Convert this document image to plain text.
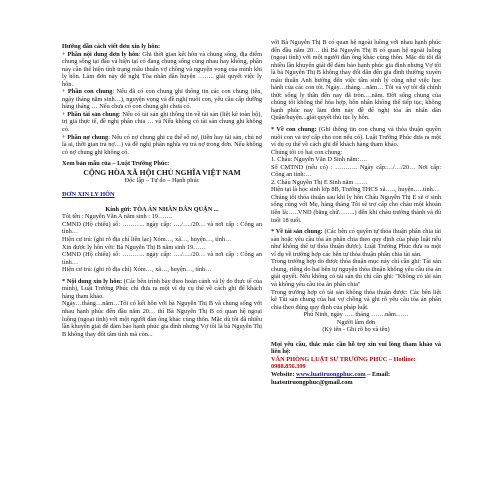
Hướng dẫn cách viết đơn xin ly hôn:

+ Phần nội dung đơn ly hôn: Ghi thời gian kết hôn và chung sống, địa điểm chung sống tại đâu và hiện tại có đang chung sống cùng nhau hay không, phần này cần thể hiện tình trạng mâu thuẫn vợ chồng và nguyện vọng của mình khi ly hôn. Làm đơn này để nghị Tòa nhân dân huyện …….. giải quyết việc ly hôn.

+ Phần con chung: Nếu đã có con chung ghi thông tin các con chung (tên, ngày tháng năm sinh…), nguyện vọng và đề nghị nuôi con, yêu cầu cấp dưỡng hàng tháng … Nếu chưa có con chung ghi chưa có.

+ Phần tài sản chung: Nếu có tài sản ghi thông tin về tài sản (liệt kê toàn bộ), trị giá thực tế, đề nghị phân chia … và Nếu không có tài sản chung ghi không có.

+ Phần nợ chung: Nếu có nợ chung ghi cụ thể số nợ, (tiền hay tài sản, chủ nợ là ai, thời gian trả nợ…) và đề nghị phân nghĩa vụ trả nợ trong đơn. Nếu không có nợ chung ghi không có.

Xem bản mẫu của – Luật Trường Phúc:

CỘNG HÒA XÃ HỘI CHỦ NGHĨA VIỆT NAM

Độc lập – Tự do – Hạnh phúc

ĐƠN XIN LY HÔN

Kính gửi: TÒA ÁN NHÂN DÂN QUẬN ...

Tôi tên : Nguyễn Văn A năm sinh : 19…….

CMND (Hộ chiếu) số: ……….. ngày cấp: …./…./20… và nơi cấp : Công an tỉnh…

Hiện cư trú: (ghi rõ địa chỉ liên lạc) Xóm…, xã…, huyện…, tỉnh…

Xin được ly hôn với: Bà Nguyễn Thị B năm sinh 19……

CMND (Hộ chiếu) số: ……….. ngày cấp: …./…./20… và nơi cấp : Công an tỉnh…

Hiện cư trú: (ghi rõ địa chỉ) Xóm…, xã…, huyện…, tỉnh…

* Nội dung xin ly hôn: (Các bên trình bày theo hoàn cảnh và lý do thực tế của mình), Luật Trường Phúc chỉ đưa ra một ví dụ cụ thể về cách ghi để khách hàng tham khảo.

Ngày…tháng…năm…Tôi có kết hôn với bà Nguyễn Thị B và chung sống với nhau hạnh phúc đến đầu năm 20… thì Bà Nguyễn Thị B có quan hệ ngoại luồng (ngoại tình) với một người đàn ông khác cùng thôn. Mặc dù tôi đã nhiều lần khuyên giải để đảm bảo hạnh phúc gia đình nhưng Vợ tôi là bà Nguyễn Thị B không thay đổi tâm tình mà còn...

với Bà Nguyễn Thị B có quan hệ ngoài luồng với nhau hạnh phúc đến đầu năm 20… thì Bà Nguyễn Thị B có quan hệ ngoài luồng (ngoại tình) với một người đàn ông khác cùng thôn. Mặc dù tôi đã nhiều lần khuyên giải để đảm bảo hạnh phúc gia đình nhưng Vợ tôi là bà Nguyễn Thị B không thay đổi dẫn đến gia đình thường xuyên mâu thuẫn Anh hưởng đến việc tâm sinh lý cũng như việc học hành của các con tôi. Ngày…tháng…năm… Tôi và vợ tôi đã chính thức sống ly thân đến nay đã tròn….năm. Đời sống chung của chúng tôi không thể hòa hợp, hôn nhân không thể tiếp tục, không hạnh phúc nay làm đơn này đề để nghị tòa án nhân dân Quận/huyện...giải quyết thủ tục ly hôn.

* Về con chung: (Ghi thông tin con chung và thỏa thuận quyền nuôi con và trợ cấp cho con nếu có). Luật Trường Phúc đưa ra một ví dụ cụ thể về cách ghi để khách hàng tham khảo.

Chúng tôi có hai con chung:

1. Cháu: Nguyễn Văn D Sinh năm:….

Số CMTND (nếu có) : ……….. Ngày cấp:…/…/20… Nơi cấp: Công an tỉnh:…

2. Cháu Nguyễn Thị E Sinh năm ……

Hiện tại là học sinh lớp 8B, Trường THCS xã….., huyện…..tỉnh…

Chúng tôi thỏa thuận sau khi ly hôn Cháu Nguyễn Thị E sẽ ở sinh sống cùng với Mẹ, hàng tháng Tôi sẽ trợ cấp cho cháu một khoản tiền là:…..VND (bằng chữ……..) đến khi cháu trưởng thành và đủ tuổi 18 tuổi.

* Về tài sản chung: (Các bên có quyền tự thỏa thuận phân chia tài sản hoặc yêu cầu tòa án phân chia theo quy định của pháp luật nếu như không thể tự thỏa thuận được). Luật Trường Phúc đưa ra một ví dụ về trường hợp các bên tự thỏa thuận phân chia tài sản.

Trong trường hợp do được thỏa thuận mục này chỉ cần ghi: Tài sản chung, riêng do hai bên tự nguyện thỏa thuận không yêu cầu tòa án giải quyết. Nếu không có tài sản thì chỉ cần ghi: "Không có tài sản và không yêu cầu tòa án phân chia"

Trong trường hợp có tài sản không thỏa thuận được: Các bên liệt kê Tài sản chung của hai vợ chồng và ghi rõ yêu cầu tòa án phân chia theo đúng quy định của pháp luật.

Phú Ninh, ngày ….. tháng …….năm……

Người làm đơn

(Ký tên - Ghi rõ họ và tên)

Mọi yêu cầu, thắc mắc cần hỗ trợ xin vui lòng tham khảo và liên hệ:

VĂN PHÒNG LUẬT SƯ TRƯỜNG PHÚC – Hotline:

0988.856.399

Website: www.luattruongphuc.com – Email:

luatsutruongphuc@gmail.com
